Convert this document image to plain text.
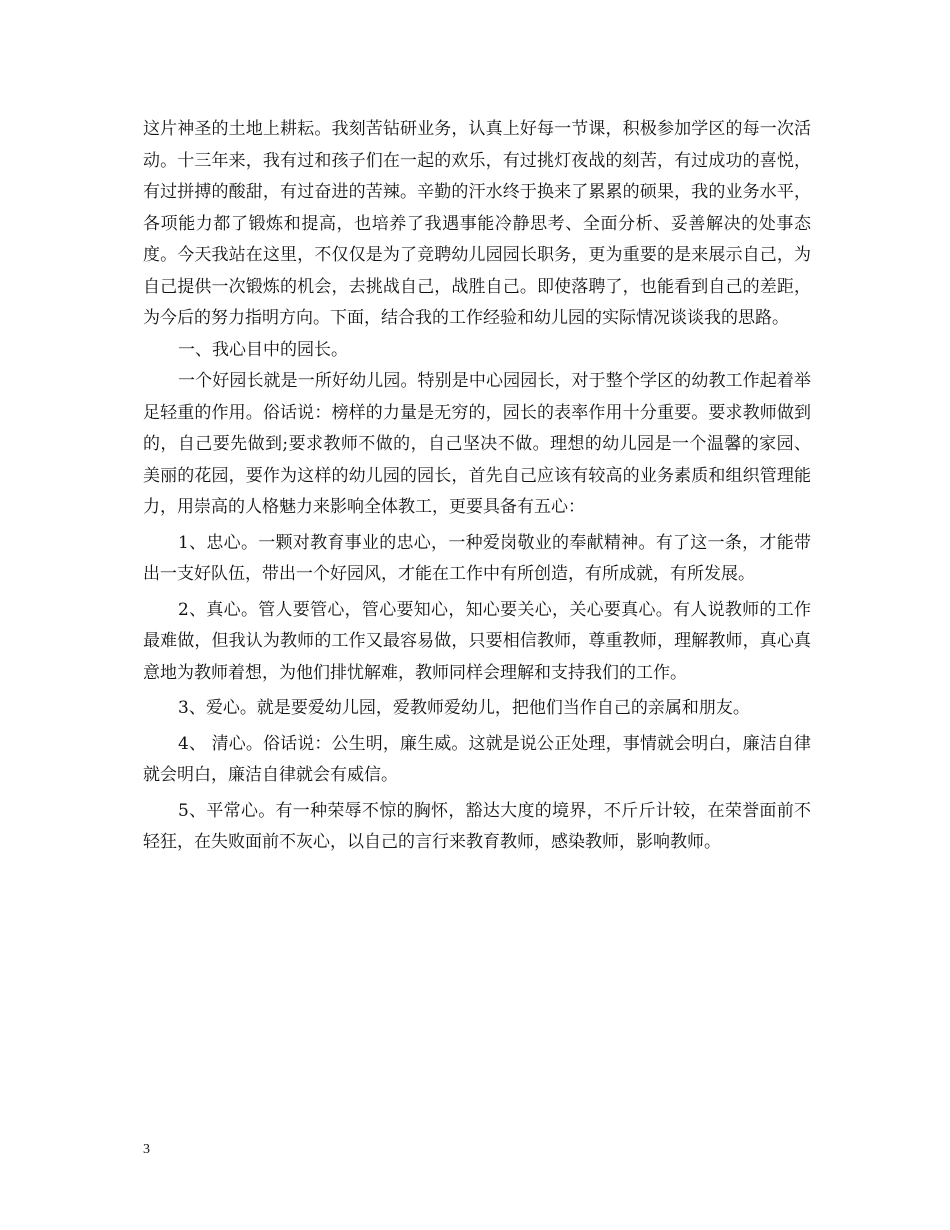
这片神圣的土地上耕耘。我刻苦钻研业务，认真上好每一节课，积极参加学区的每一次活动。十三年来，我有过和孩子们在一起的欢乐，有过挑灯夜战的刻苦，有过成功的喜悦，有过拼搏的酸甜，有过奋进的苦辣。辛勤的汗水终于换来了累累的硕果，我的业务水平，各项能力都了锻炼和提高，也培养了我遇事能冷静思考、全面分析、妥善解决的处事态度。今天我站在这里，不仅仅是为了竞聘幼儿园园长职务，更为重要的是来展示自己，为自己提供一次锻炼的机会，去挑战自己，战胜自己。即使落聘了，也能看到自己的差距，为今后的努力指明方向。下面，结合我的工作经验和幼儿园的实际情况谈谈我的思路。

一、我心目中的园长。

一个好园长就是一所好幼儿园。特别是中心园园长，对于整个学区的幼教工作起着举足轻重的作用。俗话说：榜样的力量是无穷的，园长的表率作用十分重要。要求教师做到的，自己要先做到;要求教师不做的，自己坚决不做。理想的幼儿园是一个温馨的家园、美丽的花园，要作为这样的幼儿园的园长，首先自己应该有较高的业务素质和组织管理能力，用崇高的人格魅力来影响全体教工，更要具备有五心：

1、忠心。一颗对教育事业的忠心，一种爱岗敬业的奉献精神。有了这一条，才能带出一支好队伍，带出一个好园风，才能在工作中有所创造，有所成就，有所发展。

2、真心。管人要管心，管心要知心，知心要关心，关心要真心。有人说教师的工作最难做，但我认为教师的工作又最容易做，只要相信教师，尊重教师，理解教师，真心真意地为教师着想，为他们排忧解难，教师同样会理解和支持我们的工作。

3、爱心。就是要爱幼儿园，爱教师爱幼儿，把他们当作自己的亲属和朋友。

4、 清心。俗话说：公生明，廉生威。这就是说公正处理，事情就会明白，廉洁自律就会明白，廉洁自律就会有威信。

5、平常心。有一种荣辱不惊的胸怀，豁达大度的境界，不斤斤计较，在荣誉面前不轻狂，在失败面前不灰心，以自己的言行来教育教师，感染教师，影响教师。

3
